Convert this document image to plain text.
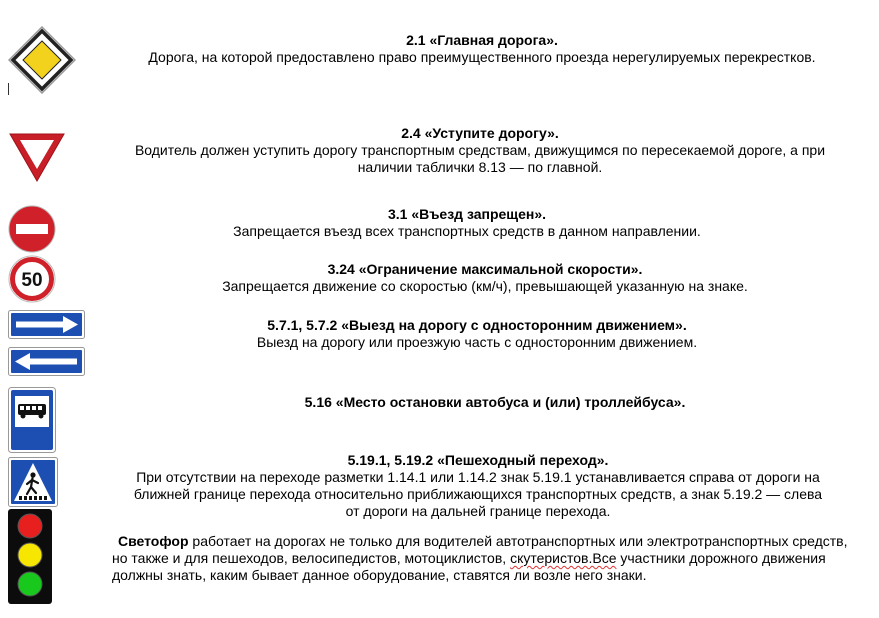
50
2.1 «Главная дорога».
Дорога, на которой предоставлено право преимущественного проезда нерегулируемых перекрестков.
2.4 «Уступите дорогу».
Водитель должен уступить дорогу транспортным средствам, движущимся по пересекаемой дороге, а при
наличии таблички 8.13 — по главной.
3.1 «Въезд запрещен».
Запрещается въезд всех транспортных средств в данном направлении.
3.24 «Ограничение максимальной скорости».
Запрещается движение со скоростью (км/ч), превышающей указанную на знаке.
5.7.1, 5.7.2 «Выезд на дорогу с односторонним движением».
Выезд на дорогу или проезжую часть с односторонним движением.
5.16 «Место остановки автобуса и (или) троллейбуса».
5.19.1, 5.19.2 «Пешеходный переход».
При отсутствии на переходе разметки 1.14.1 или 1.14.2 знак 5.19.1 устанавливается справа от дороги на
ближней границе перехода относительно приближающихся транспортных средств, а знак 5.19.2 — слева
от дороги на дальней границе перехода.
Светофор работает на дорогах не только для водителей автотранспортных или электротранспортных средств, но также и для пешеходов, велосипедистов, мотоциклистов, скутеристов.Все участники дорожного движения должны знать, каким бывает данное оборудование, ставятся ли возле него знаки.
